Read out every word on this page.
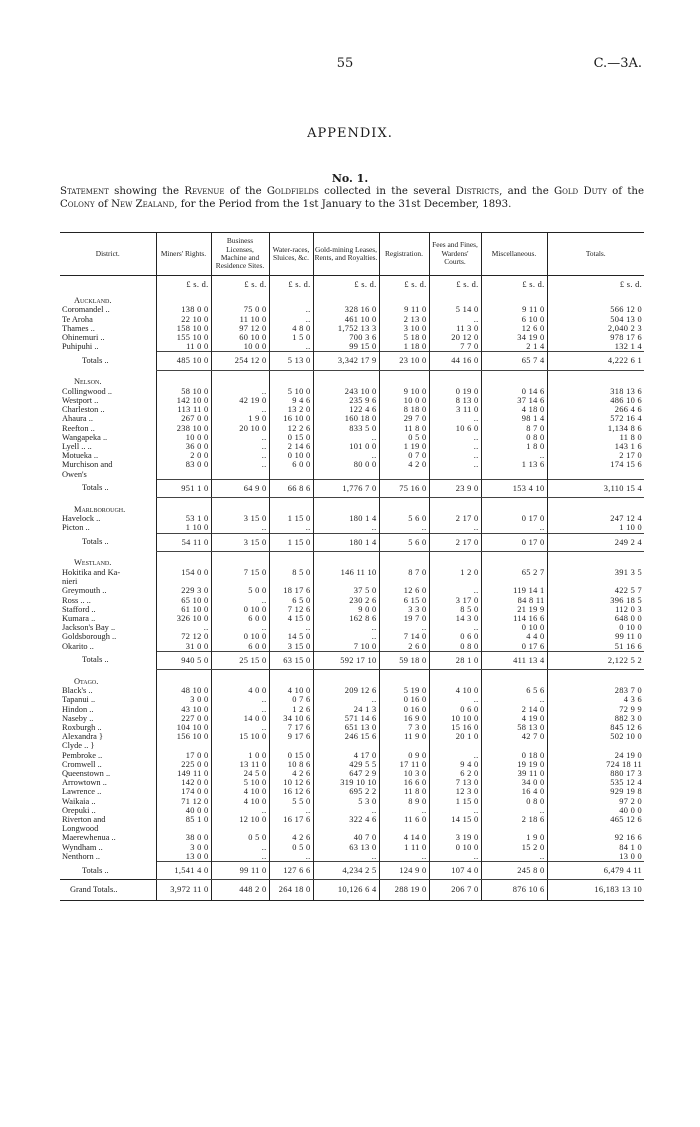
55	C.—3A.
APPENDIX.
No. 1.
Statement showing the Revenue of the Goldfields collected in the several Districts, and the Gold Duty of the Colony of New Zealand, for the Period from the 1st January to the 31st December, 1893.
District.	Miners' Rights.	Business Licenses, Machine and Residence Sites.	Water-races, Sluices, &c.	Gold-mining Leases, Rents, and Royalties.	Registration.	Fees and Fines, Wardens' Courts.	Miscellaneous.	Totals.
	£ s. d.	£ s. d.	£ s. d.	£ s. d.	£ s. d.	£ s. d.	£ s. d.	£ s. d.
Auckland.								
Coromandel ..	138 0 0	75 0 0	..	328 16 0	9 11 0	5 14 0	9 11 0	566 12 0
Te Aroha	22 10 0	11 10 0	..	461 10 0	2 13 0	..	6 10 0	504 13 0
Thames ..	158 10 0	97 12 0	4 8 0	1,752 13 3	3 10 0	11 3 0	12 6 0	2,040 2 3
Ohinemuri ..	155 10 0	60 10 0	1 5 0	700 3 6	5 18 0	20 12 0	34 19 0	978 17 6
Puhipuhi ..	11 0 0	10 0 0	..	99 15 0	1 18 0	7 7 0	2 1 4	132 1 4
Totals ..	485 10 0	254 12 0	5 13 0	3,342 17 9	23 10 0	44 16 0	65 7 4	4,222 6 1
Nelson.								
Collingwood ..	58 10 0	..	5 10 0	243 10 0	9 10 0	0 19 0	0 14 6	318 13 6
Westport ..	142 10 0	42 19 0	9 4 6	235 9 6	10 0 0	8 13 0	37 14 6	486 10 6
Charleston ..	113 11 0	..	13 2 0	122 4 6	8 18 0	3 11 0	4 18 0	266 4 6
Ahaura ..	267 0 0	1 9 0	16 10 0	160 18 0	29 7 0	..	98 1 4	572 16 4
Reefton ..	238 10 0	20 10 0	12 2 6	833 5 0	11 8 0	10 6 0	8 7 0	1,134 8 6
Wangapeka ..	10 0 0	..	0 15 0	..	0 5 0	..	0 8 0	11 8 0
Lyell .. ..	36 0 0	..	2 14 6	101 0 0	1 19 0	..	1 8 0	143 1 6
Motueka ..	2 0 0	..	0 10 0	..	0 7 0	..	..	2 17 0
Murchison and	83 0 0	..	6 0 0	80 0 0	4 2 0	..	1 13 6	174 15 6
Owen's								
Totals ..	951 1 0	64 9 0	66 8 6	1,776 7 0	75 16 0	23 9 0	153 4 10	3,110 15 4
Marlborough.								
Havelock ..	53 1 0	3 15 0	1 15 0	180 1 4	5 6 0	2 17 0	0 17 0	247 12 4
Picton ..	1 10 0	..	..	..	..	..	..	1 10 0
Totals ..	54 11 0	3 15 0	1 15 0	180 1 4	5 6 0	2 17 0	0 17 0	249 2 4
Westland.								
Hokitika and Ka-	154 0 0	7 15 0	8 5 0	146 11 10	8 7 0	1 2 0	65 2 7	391 3 5
nieri								
Greymouth ..	229 3 0	5 0 0	18 17 6	37 5 0	12 6 0	..	119 14 1	422 5 7
Ross .. ..	65 10 0	..	6 5 0	230 2 6	6 15 0	3 17 0	84 8 11	396 18 5
Stafford ..	61 10 0	0 10 0	7 12 6	9 0 0	3 3 0	8 5 0	21 19 9	112 0 3
Kumara ..	326 10 0	6 0 0	4 15 0	162 8 6	19 7 0	14 3 0	114 16 6	648 0 0
Jackson's Bay ..	..	..	..	..	..	..	0 10 0	0 10 0
Goldsborough ..	72 12 0	0 10 0	14 5 0	..	7 14 0	0 6 0	4 4 0	99 11 0
Okarito ..	31 0 0	6 0 0	3 15 0	7 10 0	2 6 0	0 8 0	0 17 6	51 16 6
Totals ..	940 5 0	25 15 0	63 15 0	592 17 10	59 18 0	28 1 0	411 13 4	2,122 5 2
Otago.								
Black's ..	48 10 0	4 0 0	4 10 0	209 12 6	5 19 0	4 10 0	6 5 6	283 7 0
Tapanui ..	3 0 0	..	0 7 6	..	0 16 0	..	..	4 3 6
Hindon ..	43 10 0	..	1 2 6	24 1 3	0 16 0	0 6 0	2 14 0	72 9 9
Naseby ..	227 0 0	14 0 0	34 10 6	571 14 6	16 9 0	10 10 0	4 19 0	882 3 0
Roxburgh ..	104 10 0	..	7 17 6	651 13 0	7 3 0	15 16 0	58 13 0	845 12 6
Alexandra }	156 10 0	15 10 0	9 17 6	246 15 6	11 9 0	20 1 0	42 7 0	502 10 0
Clyde .. }								
Pembroke ..	17 0 0	1 0 0	0 15 0	4 17 0	0 9 0	..	0 18 0	24 19 0
Cromwell ..	225 0 0	13 11 0	10 8 6	429 5 5	17 11 0	9 4 0	19 19 0	724 18 11
Queenstown ..	149 11 0	24 5 0	4 2 6	647 2 9	10 3 0	6 2 0	39 11 0	880 17 3
Arrowtown ..	142 0 0	5 10 0	10 12 6	319 10 10	16 6 0	7 13 0	34 0 0	535 12 4
Lawrence ..	174 0 0	4 10 0	16 12 6	695 2 2	11 8 0	12 3 0	16 4 0	929 19 8
Waikaia ..	71 12 0	4 10 0	5 5 0	5 3 0	8 9 0	1 15 0	0 8 0	97 2 0
Orepuki ..	40 0 0	..	..	..	..	..	..	40 0 0
Riverton and	85 1 0	12 10 0	16 17 6	322 4 6	11 6 0	14 15 0	2 18 6	465 12 6
Longwood								
Maerewhenua ..	38 0 0	0 5 0	4 2 6	40 7 0	4 14 0	3 19 0	1 9 0	92 16 6
Wyndham ..	3 0 0	..	0 5 0	63 13 0	1 11 0	0 10 0	15 2 0	84 1 0
Nenthorn ..	13 0 0	..	..	..	..	..	..	13 0 0
Totals ..	1,541 4 0	99 11 0	127 6 6	4,234 2 5	124 9 0	107 4 0	245 8 0	6,479 4 11
Grand Totals..	3,972 11 0	448 2 0	264 18 0	10,126 6 4	288 19 0	206 7 0	876 10 6	16,183 13 10
